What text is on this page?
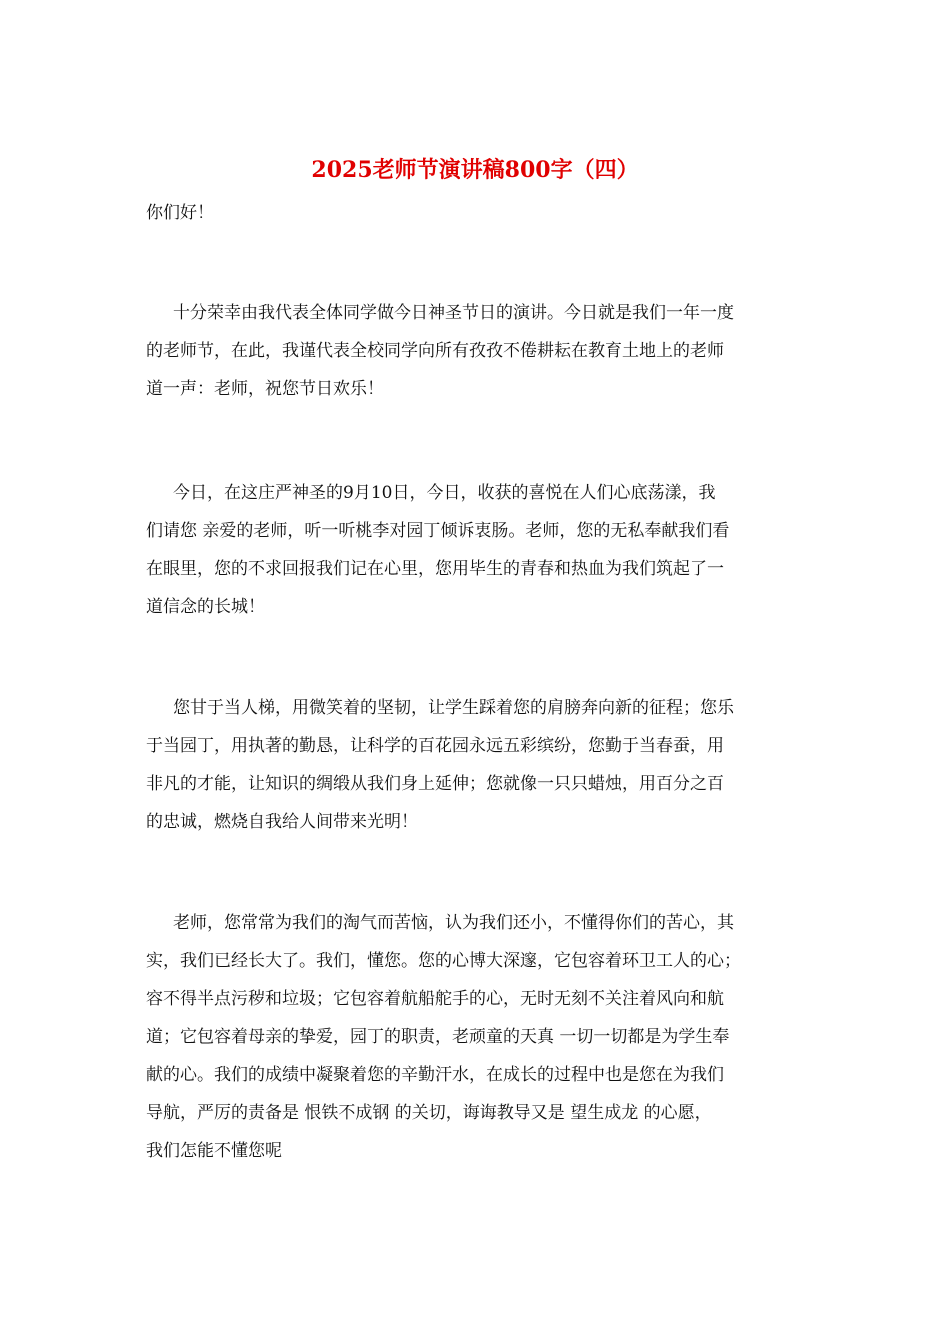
2025老师节演讲稿800字（四）
你们好！
十分荣幸由我代表全体同学做今日神圣节日的演讲。今日就是我们一年一度
的老师节，在此，我谨代表全校同学向所有孜孜不倦耕耘在教育土地上的老师
道一声：老师，祝您节日欢乐！
今日，在这庄严神圣的9月10日，今日，收获的喜悦在人们心底荡漾，我
们请您 亲爱的老师，听一听桃李对园丁倾诉衷肠。老师，您的无私奉献我们看
在眼里，您的不求回报我们记在心里，您用毕生的青春和热血为我们筑起了一
道信念的长城！
您甘于当人梯，用微笑着的坚韧，让学生踩着您的肩膀奔向新的征程；您乐
于当园丁，用执著的勤恳，让科学的百花园永远五彩缤纷，您勤于当春蚕，用
非凡的才能，让知识的绸缎从我们身上延伸；您就像一只只蜡烛，用百分之百
的忠诚，燃烧自我给人间带来光明！
老师，您常常为我们的淘气而苦恼，认为我们还小，不懂得你们的苦心，其
实，我们已经长大了。我们，懂您。您的心博大深邃，它包容着环卫工人的心；
容不得半点污秽和垃圾；它包容着航船舵手的心，无时无刻不关注着风向和航
道；它包容着母亲的挚爱，园丁的职责，老顽童的天真 一切一切都是为学生奉
献的心。我们的成绩中凝聚着您的辛勤汗水，在成长的过程中也是您在为我们
导航，严厉的责备是 恨铁不成钢 的关切，诲诲教导又是 望生成龙 的心愿，
我们怎能不懂您呢
